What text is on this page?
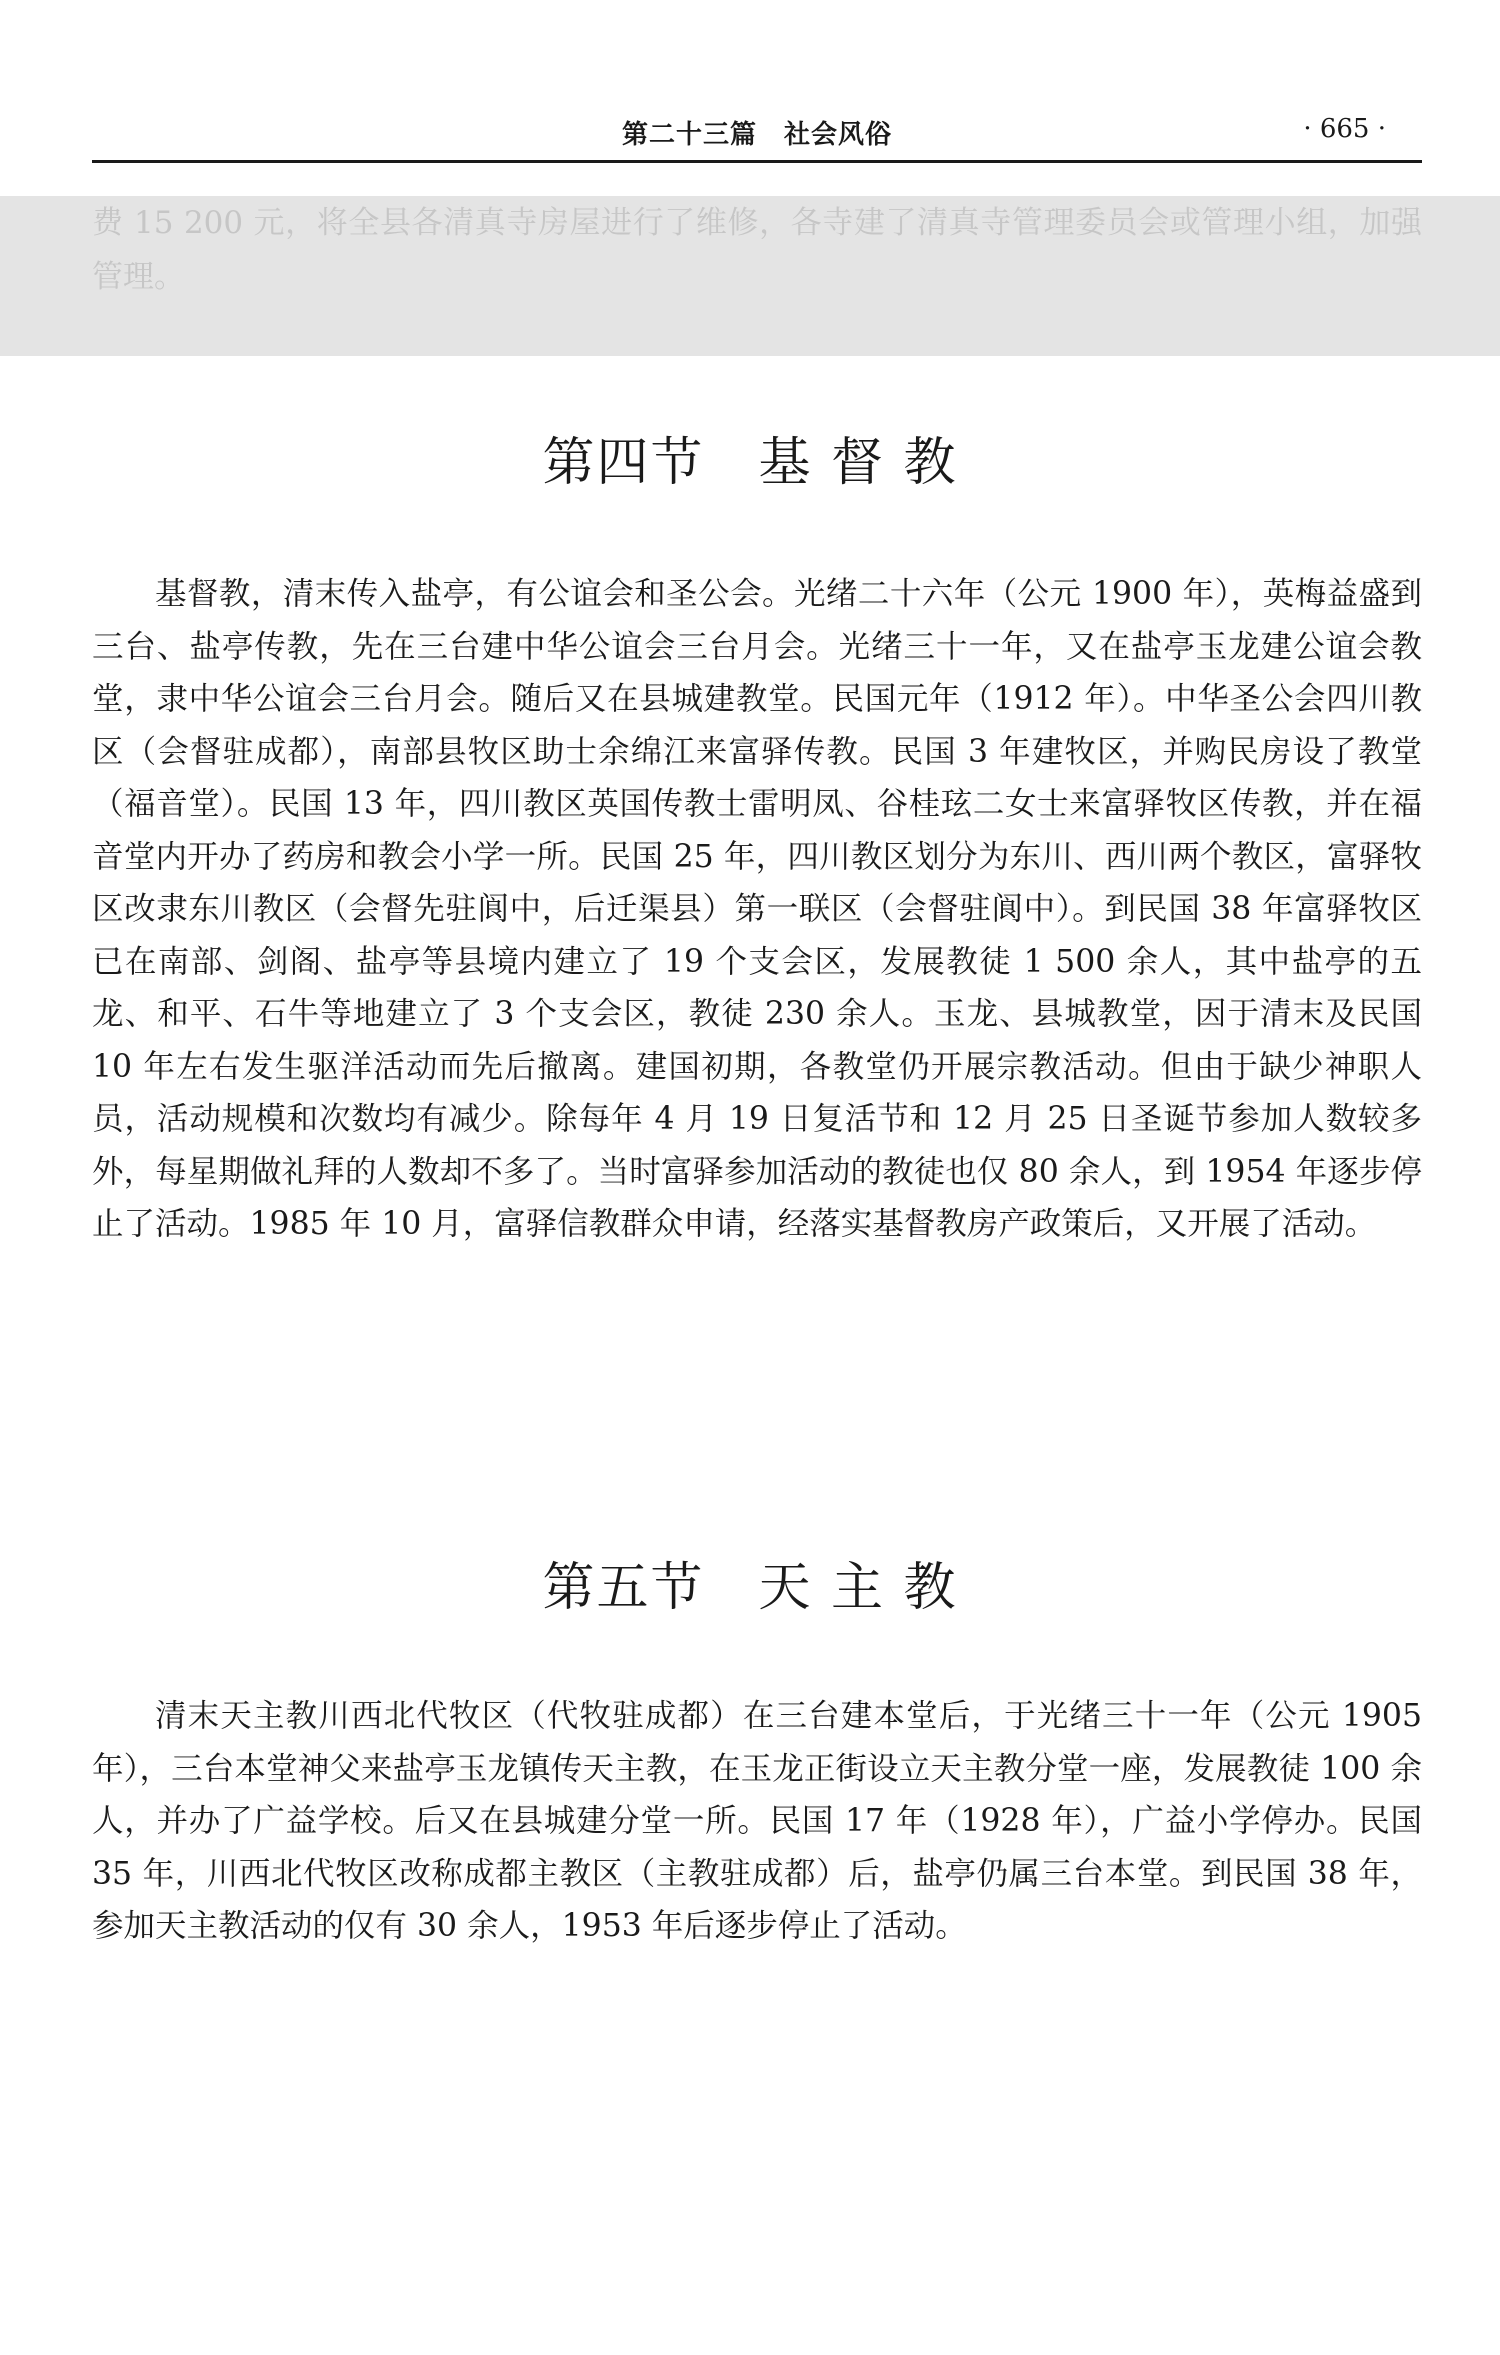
第二十三篇　社会风俗	· 665 ·

费 15 200 元，将全县各清真寺房屋进行了维修，各寺建了清真寺管理委员会或管理小组，加强管理。

第四节　基 督 教

基督教，清末传入盐亭，有公谊会和圣公会。光绪二十六年（公元 1900 年），英梅益盛到三台、盐亭传教，先在三台建中华公谊会三台月会。光绪三十一年，又在盐亭玉龙建公谊会教堂，隶中华公谊会三台月会。随后又在县城建教堂。民国元年（1912 年）。中华圣公会四川教区（会督驻成都），南部县牧区助士余绵江来富驿传教。民国 3 年建牧区，并购民房设了教堂（福音堂）。民国 13 年，四川教区英国传教士雷明凤、谷桂玹二女士来富驿牧区传教，并在福音堂内开办了药房和教会小学一所。民国 25 年，四川教区划分为东川、西川两个教区，富驿牧区改隶东川教区（会督先驻阆中，后迁渠县）第一联区（会督驻阆中）。到民国 38 年富驿牧区已在南部、剑阁、盐亭等县境内建立了 19 个支会区，发展教徒 1 500 余人，其中盐亭的五龙、和平、石牛等地建立了 3 个支会区，教徒 230 余人。玉龙、县城教堂，因于清末及民国 10 年左右发生驱洋活动而先后撤离。建国初期，各教堂仍开展宗教活动。但由于缺少神职人员，活动规模和次数均有减少。除每年 4 月 19 日复活节和 12 月 25 日圣诞节参加人数较多外，每星期做礼拜的人数却不多了。当时富驿参加活动的教徒也仅 80 余人，到 1954 年逐步停止了活动。1985 年 10 月，富驿信教群众申请，经落实基督教房产政策后，又开展了活动。

第五节　天 主 教

清末天主教川西北代牧区（代牧驻成都）在三台建本堂后，于光绪三十一年（公元 1905 年），三台本堂神父来盐亭玉龙镇传天主教，在玉龙正街设立天主教分堂一座，发展教徒 100 余人，并办了广益学校。后又在县城建分堂一所。民国 17 年（1928 年），广益小学停办。民国 35 年，川西北代牧区改称成都主教区（主教驻成都）后，盐亭仍属三台本堂。到民国 38 年，参加天主教活动的仅有 30 余人，1953 年后逐步停止了活动。
